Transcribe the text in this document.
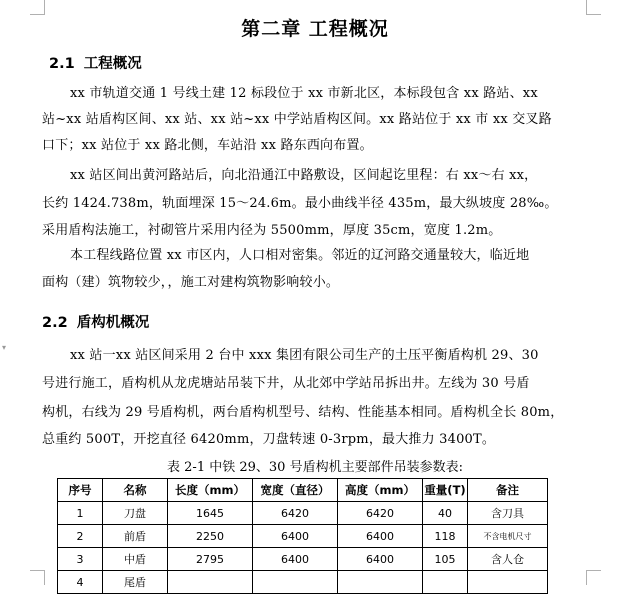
▾
第二章 工程概况
2.1 工程概况
xx 市轨道交通 1 号线土建 12 标段位于 xx 市新北区，本标段包含 xx 路站、xx
站~xx 站盾构区间、xx 站、xx 站~xx 中学站盾构区间。xx 路站位于 xx 市 xx 交叉路
口下；xx 站位于 xx 路北侧，车站沿 xx 路东西向布置。
xx 站区间出黄河路站后，向北沿通江中路敷设，区间起讫里程：右 xx～右 xx，
长约 1424.738m，轨面埋深 15～24.6m。最小曲线半径 435m，最大纵坡度 28‰。
采用盾构法施工，衬砌管片采用内径为 5500mm，厚度 35cm，宽度 1.2m。
本工程线路位置 xx 市区内，人口相对密集。邻近的辽河路交通量较大，临近地
面构（建）筑物较少，，施工对建构筑物影响较小。
2.2 盾构机概况
xx 站一xx 站区间采用 2 台中 xxx 集团有限公司生产的土压平衡盾构机 29、30
号进行施工，盾构机从龙虎塘站吊装下井，从北郊中学站吊拆出井。左线为 30 号盾
构机，右线为 29 号盾构机，两台盾构机型号、结构、性能基本相同。盾构机全长 80m，
总重约 500T，开挖直径 6420mm，刀盘转速 0-3rpm，最大推力 3400T。
表 2-1 中铁 29、30 号盾构机主要部件吊装参数表:
序号	名称	长度（mm）	宽度（直径）	高度（mm）	重量(T)	备注
1	刀盘	1645	6420	6420	40	含刀具
2	前盾	2250	6400	6400	118	不含电机尺寸
3	中盾	2795	6400	6400	105	含人仓
4	尾盾					
